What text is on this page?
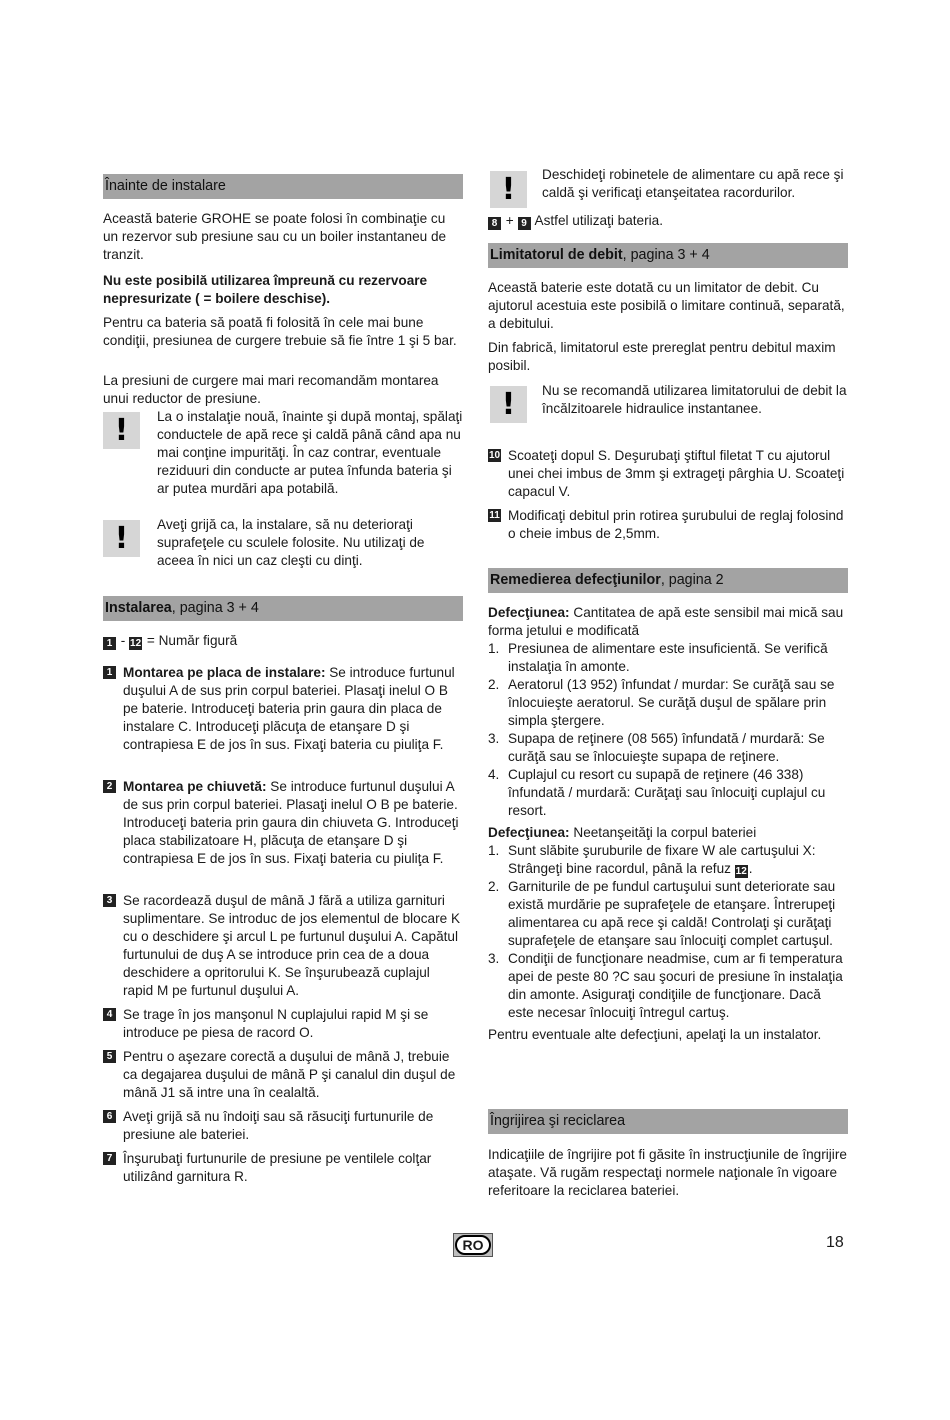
Înainte de instalare

Această baterie GROHE se poate folosi în combinaţie cu un rezervor sub presiune sau cu un boiler instantaneu de tranzit.

Nu este posibilă utilizarea împreună cu rezervoare nepresurizate ( = boilere deschise).

Pentru ca bateria să poată fi folosită în cele mai bune condiţii, presiunea de curgere trebuie să fie între 1 şi 5 bar.

La presiuni de curgere mai mari recomandăm montarea unui reductor de presiune.

!	La o instalaţie nouă, înainte şi după montaj, spălaţi conductele de apă rece şi caldă până când apa nu mai conţine impurităţi. În caz contrar, eventuale reziduuri din conducte ar putea înfunda bateria şi ar putea murdări apa potabilă.

!	Aveţi grijă ca, la instalare, să nu deterioraţi suprafeţele cu sculele folosite. Nu utilizaţi de aceea în nici un caz cleşti cu dinţi.

Instalarea, pagina 3 + 4

1 - 12 = Număr figură

1 Montarea pe placa de instalare: Se introduce furtunul duşului A de sus prin corpul bateriei. Plasaţi inelul O B pe baterie. Introduceţi bateria prin gaura din placa de instalare C. Introduceţi plăcuţa de etanşare D şi contrapiesa E de jos în sus. Fixaţi bateria cu piuliţa F.
2 Montarea pe chiuvetă: Se introduce furtunul duşului A de sus prin corpul bateriei. Plasaţi inelul O B pe baterie. Introduceţi bateria prin gaura din chiuveta G. Introduceţi placa stabilizatoare H, plăcuţa de etanşare D şi contrapiesa E de jos în sus. Fixaţi bateria cu piuliţa F.
3 Se racordează duşul de mână J fără a utiliza garnituri suplimentare. Se introduc de jos elementul de blocare K cu o deschidere şi arcul L pe furtunul duşului A. Capătul furtunului de duş A se introduce prin cea de a doua deschidere a opritorului K. Se înşurubează cuplajul rapid M pe furtunul duşului A.
4 Se trage în jos manşonul N cuplajului rapid M şi se introduce pe piesa de racord O.
5 Pentru o aşezare corectă a duşului de mână J, trebuie ca degajarea duşului de mână P şi canalul din duşul de mână J1 să intre una în cealaltă.
6 Aveţi grijă să nu îndoiţi sau să răsuciţi furtunurile de presiune ale bateriei.
7 Înşurubaţi furtunurile de presiune pe ventilele colţar utilizând garnitura R.
!	Deschideţi robinetele de alimentare cu apă rece şi caldă şi verificaţi etanşeitatea racordurilor.

8 + 9 Astfel utilizaţi bateria.

Limitatorul de debit, pagina 3 + 4

Această baterie este dotată cu un limitator de debit. Cu ajutorul acestuia este posibilă o limitare continuă, separată, a debitului.

Din fabrică, limitatorul este prereglat pentru debitul maxim posibil.

!	Nu se recomandă utilizarea limitatorului de debit la încălzitoarele hidraulice instantanee.

10 Scoateţi dopul S. Deşurubaţi ştiftul filetat T cu ajutorul unei chei imbus de 3mm şi extrageţi pârghia U. Scoateţi capacul V.
11 Modificaţi debitul prin rotirea şurubului de reglaj folosind o cheie imbus de 2,5mm.
Remedierea defecţiunilor, pagina 2

Defecţiunea: Cantitatea de apă este sensibil mai mică sau forma jetului e modificată

1. Presiunea de alimentare este insuficientă. Se verifică instalaţia în amonte.
2. Aeratorul (13 952) înfundat / murdar: Se curăţă sau se înlocuieşte aeratorul. Se curăţă duşul de spălare prin simpla ştergere.
3. Supapa de reţinere (08 565) înfundată / murdară: Se curăţă sau se înlocuieşte supapa de reţinere.
4. Cuplajul cu resort cu supapă de reţinere (46 338) înfundată / murdară: Curăţaţi sau înlocuiţi cuplajul cu resort.

Defecţiunea: Neetanşeităţi la corpul bateriei

1. Sunt slăbite şuruburile de fixare W ale cartuşului X: Strângeţi bine racordul, până la refuz 12 .
2. Garniturile de pe fundul cartuşului sunt deteriorate sau există murdărie pe suprafeţele de etanşare. Întrerupeţi alimentarea cu apă rece şi caldă! Controlaţi şi curăţaţi suprafeţele de etanşare sau înlocuiţi complet cartuşul.
3. Condiţii de funcţionare neadmise, cum ar fi temperatura apei de peste 80 ?C sau şocuri de presiune în instalaţia din amonte. Asiguraţi condiţiile de funcţionare. Dacă este necesar înlocuiţi întregul cartuş.

Pentru eventuale alte defecţiuni, apelaţi la un instalator.

Îngrijirea şi reciclarea

Indicaţiile de îngrijire pot fi găsite în instrucţiunile de îngrijire ataşate. Vă rugăm respectaţi normele naţionale în vigoare referitoare la reciclarea bateriei.

RO	18
